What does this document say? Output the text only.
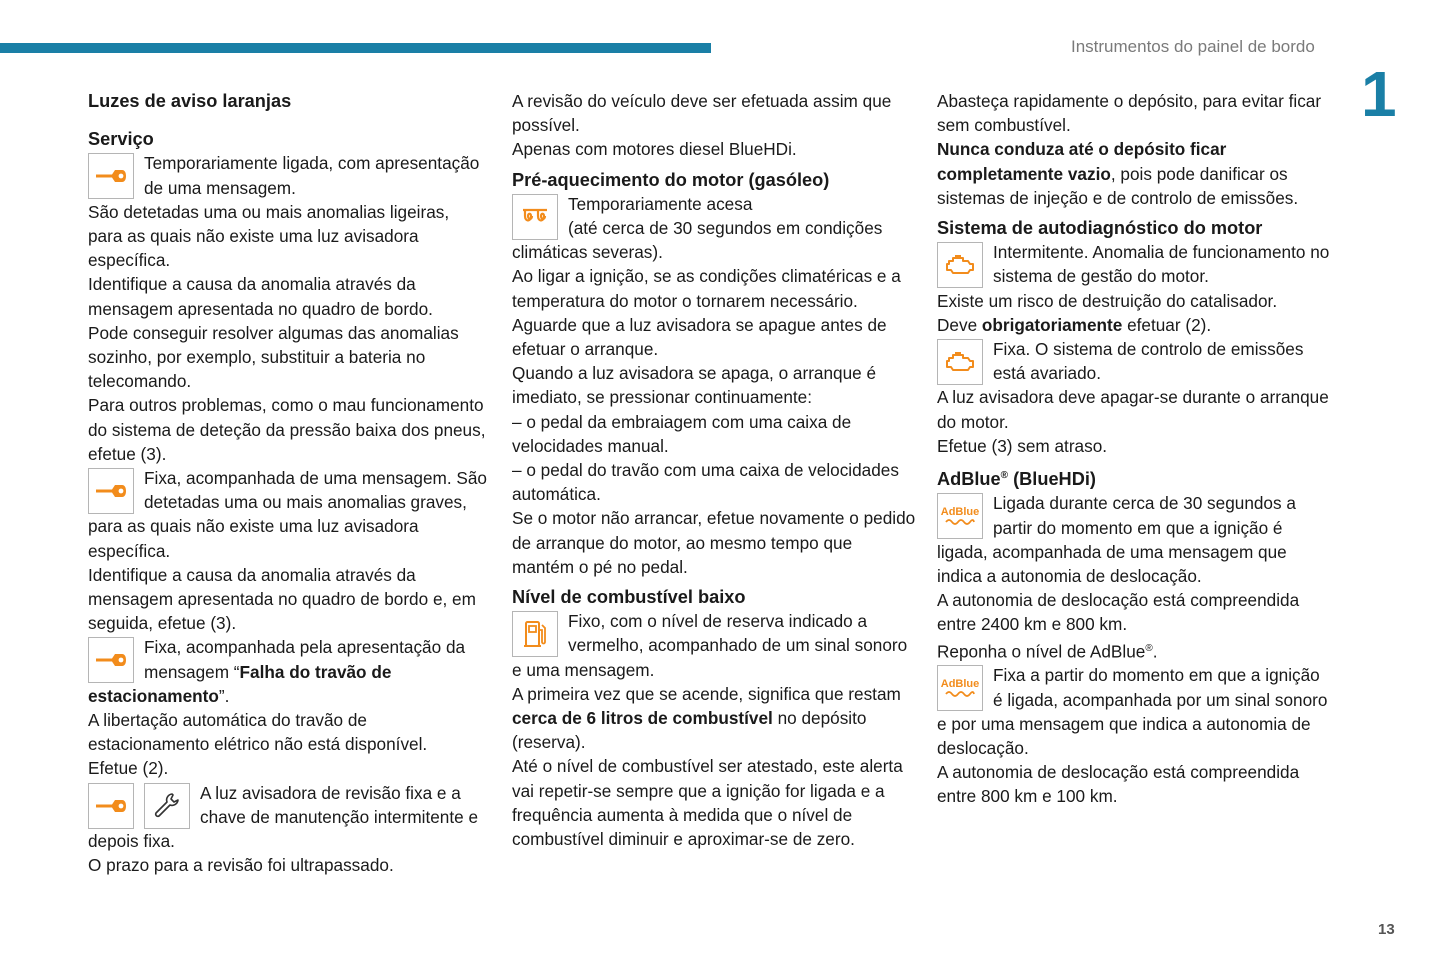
Instrumentos do painel de bordo
1
13
Luzes de aviso laranjas
Serviço

Temporariamente ligada, com apresentação de uma mensagem.

São detetadas uma ou mais anomalias ligeiras, para as quais não existe uma luz avisadora específica.

Identifique a causa da anomalia através da mensagem apresentada no quadro de bordo.

Pode conseguir resolver algumas das anomalias sozinho, por exemplo, substituir a bateria no telecomando.

Para outros problemas, como o mau funcionamento do sistema de deteção da pressão baixa dos pneus, efetue (3).

Fixa, acompanhada de uma mensagem. São detetadas uma ou mais anomalias graves, para as quais não existe uma luz avisadora específica.

Identifique a causa da anomalia através da mensagem apresentada no quadro de bordo e, em seguida, efetue (3).

Fixa, acompanhada pela apresentação da mensagem “Falha do travão de estacionamento”.

A libertação automática do travão de estacionamento elétrico não está disponível.

Efetue (2).

A luz avisadora de revisão fixa e a chave de manutenção intermitente e depois fixa.

O prazo para a revisão foi ultrapassado.

A revisão do veículo deve ser efetuada assim que possível.

Apenas com motores diesel BlueHDi.

Pré-aquecimento do motor (gasóleo)

Temporariamente acesa

(até cerca de 30 segundos em condições climáticas severas).

Ao ligar a ignição, se as condições climatéricas e a temperatura do motor o tornarem necessário.

Aguarde que a luz avisadora se apague antes de efetuar o arranque.

Quando a luz avisadora se apaga, o arranque é imediato, se pressionar continuamente:

– o pedal da embraiagem com uma caixa de velocidades manual.

– o pedal do travão com uma caixa de velocidades automática.

Se o motor não arrancar, efetue novamente o pedido de arranque do motor, ao mesmo tempo que mantém o pé no pedal.

Nível de combustível baixo

Fixo, com o nível de reserva indicado a vermelho, acompanhado de um sinal sonoro e uma mensagem.

A primeira vez que se acende, significa que restam cerca de 6 litros de combustível no depósito (reserva).

Até o nível de combustível ser atestado, este alerta vai repetir-se sempre que a ignição for ligada e a frequência aumenta à medida que o nível de combustível diminuir e aproximar-se de zero.

Abasteça rapidamente o depósito, para evitar ficar sem combustível.

Nunca conduza até o depósito ficar completamente vazio, pois pode danificar os sistemas de injeção e de controlo de emissões.

Sistema de autodiagnóstico do motor

Intermitente. Anomalia de funcionamento no sistema de gestão do motor.

Existe um risco de destruição do catalisador.

Deve obrigatoriamente efetuar (2).

Fixa. O sistema de controlo de emissões está avariado.

A luz avisadora deve apagar-se durante o arranque do motor.

Efetue (3) sem atraso.

AdBlue® (BlueHDi)
AdBlue Ligada durante cerca de 30 segundos a partir do momento em que a ignição é ligada, acompanhada de uma mensagem que indica a autonomia de deslocação.

A autonomia de deslocação está compreendida entre 2400 km e 800 km.

Reponha o nível de AdBlue®.

AdBlue Fixa a partir do momento em que a ignição é ligada, acompanhada por um sinal sonoro e por uma mensagem que indica a autonomia de deslocação.

A autonomia de deslocação está compreendida entre 800 km e 100 km.
